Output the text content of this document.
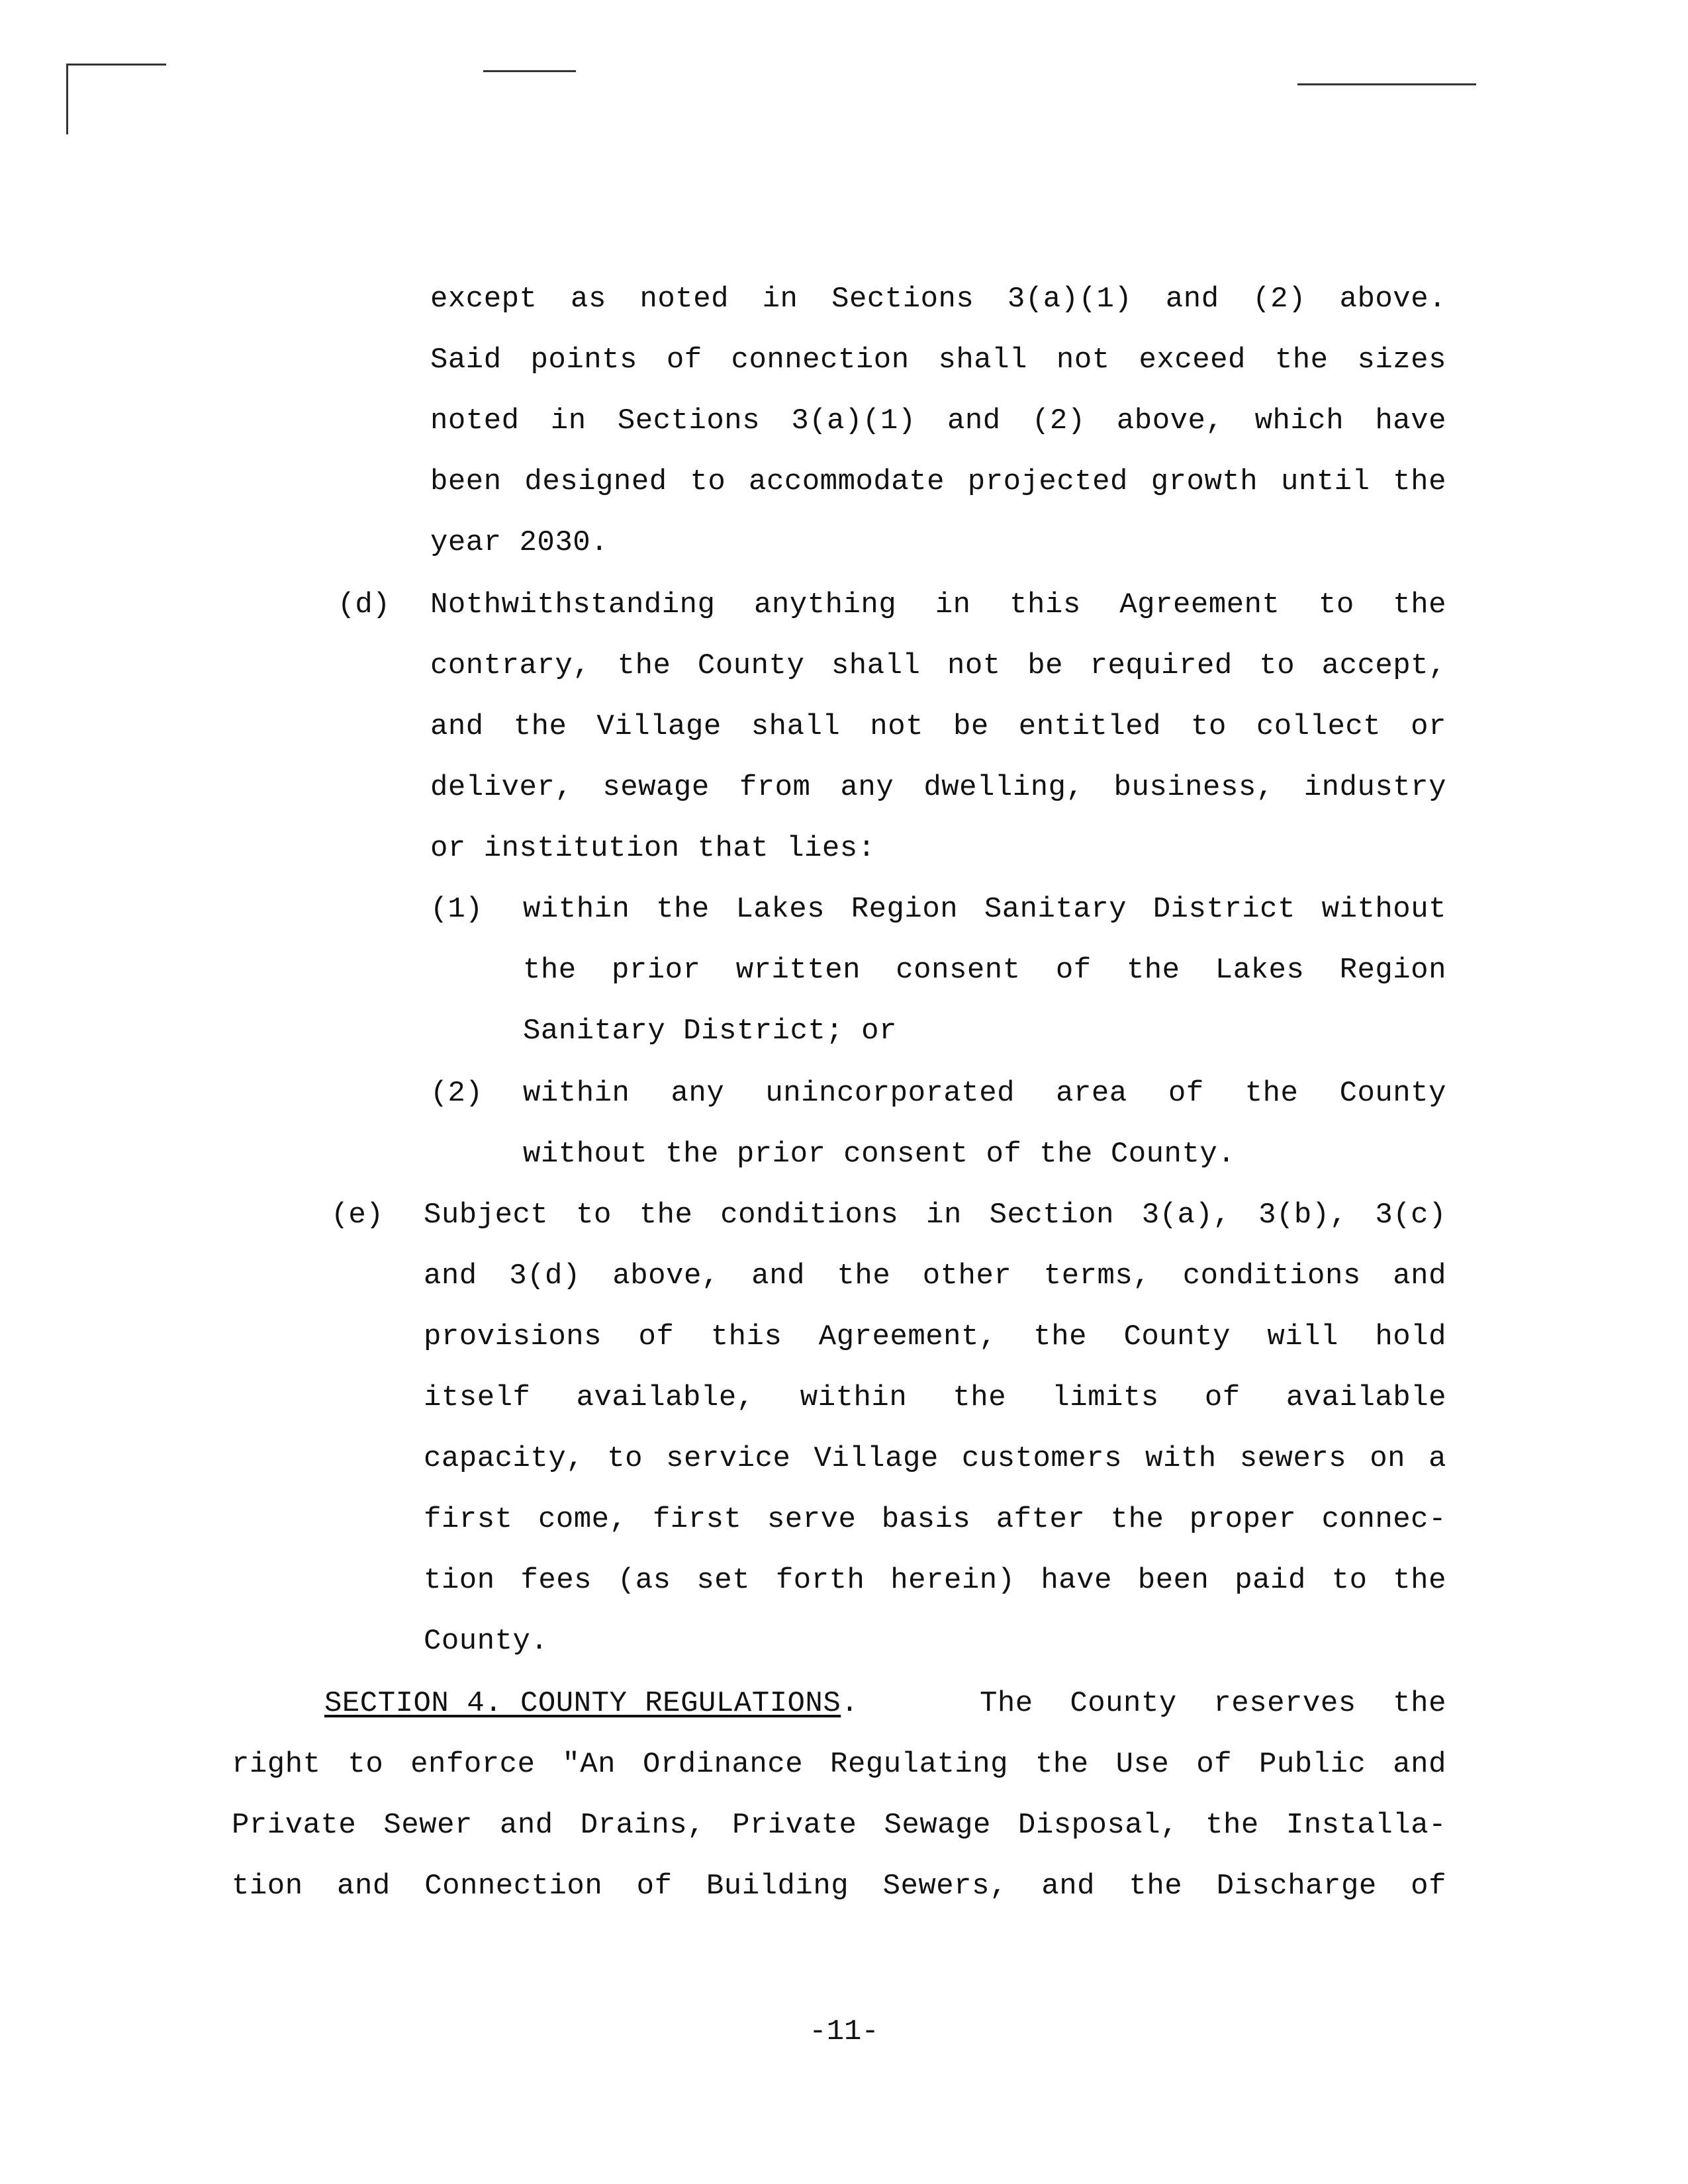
except as noted in Sections 3(a)(1) and (2) above.
Said points of connection shall not exceed the sizes
noted in Sections 3(a)(1) and (2) above, which have
been designed to accommodate projected growth until the
year 2030.
(d) Nothwithstanding anything in this Agreement to the
contrary, the County shall not be required to accept,
and the Village shall not be entitled to collect or
deliver, sewage from any dwelling, business, industry
or institution that lies:
(1) within the Lakes Region Sanitary District without
the prior written consent of the Lakes Region
Sanitary District; or
(2) within any unincorporated area of the County
without the prior consent of the County.
(e) Subject to the conditions in Section 3(a), 3(b), 3(c)
and 3(d) above, and the other terms, conditions and
provisions of this Agreement, the County will hold
itself available, within the limits of available
capacity, to service Village customers with sewers on a
first come, first serve basis after the proper connec-
tion fees (as set forth herein) have been paid to the
County.
SECTION 4. COUNTY REGULATIONS.	The County reserves the
right to enforce "An Ordinance Regulating the Use of Public and
Private Sewer and Drains, Private Sewage Disposal, the Installa-
tion and Connection of Building Sewers, and the Discharge of
-11-
